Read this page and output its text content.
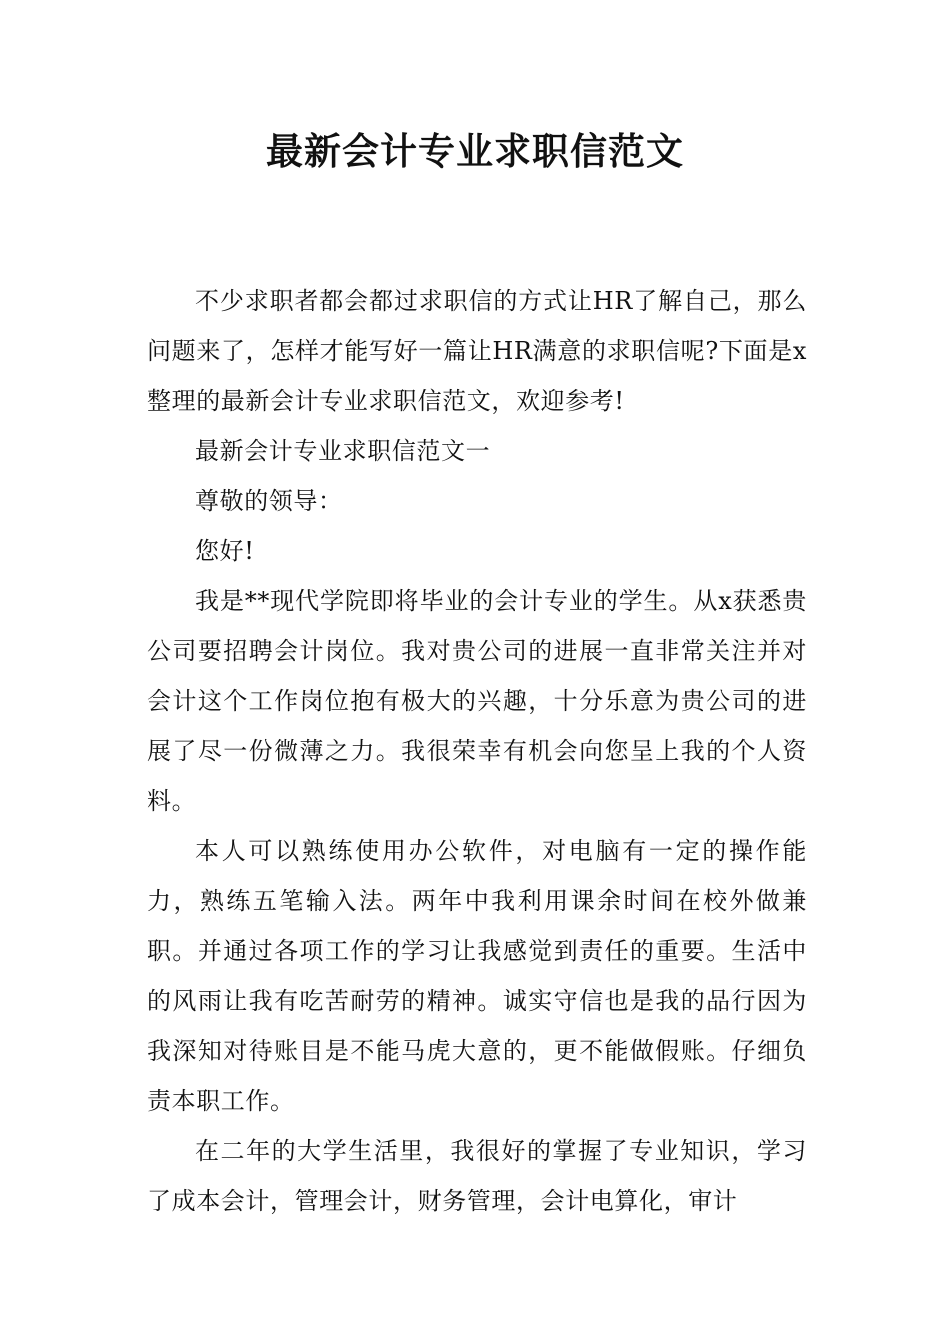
最新会计专业求职信范文

不少求职者都会都过求职信的方式让HR了解自己，那么问题来了，怎样才能写好一篇让HR满意的求职信呢?下面是x整理的最新会计专业求职信范文，欢迎参考!

最新会计专业求职信范文一

尊敬的领导：

您好!

我是**现代学院即将毕业的会计专业的学生。从x获悉贵公司要招聘会计岗位。我对贵公司的进展一直非常关注并对会计这个工作岗位抱有极大的兴趣，十分乐意为贵公司的进展了尽一份微薄之力。我很荣幸有机会向您呈上我的个人资料。

本人可以熟练使用办公软件，对电脑有一定的操作能力，熟练五笔输入法。两年中我利用课余时间在校外做兼职。并通过各项工作的学习让我感觉到责任的重要。生活中的风雨让我有吃苦耐劳的精神。诚实守信也是我的品行因为我深知对待账目是不能马虎大意的，更不能做假账。仔细负责本职工作。

在二年的大学生活里，我很好的掌握了专业知识，学习了成本会计，管理会计，财务管理，会计电算化，审计
